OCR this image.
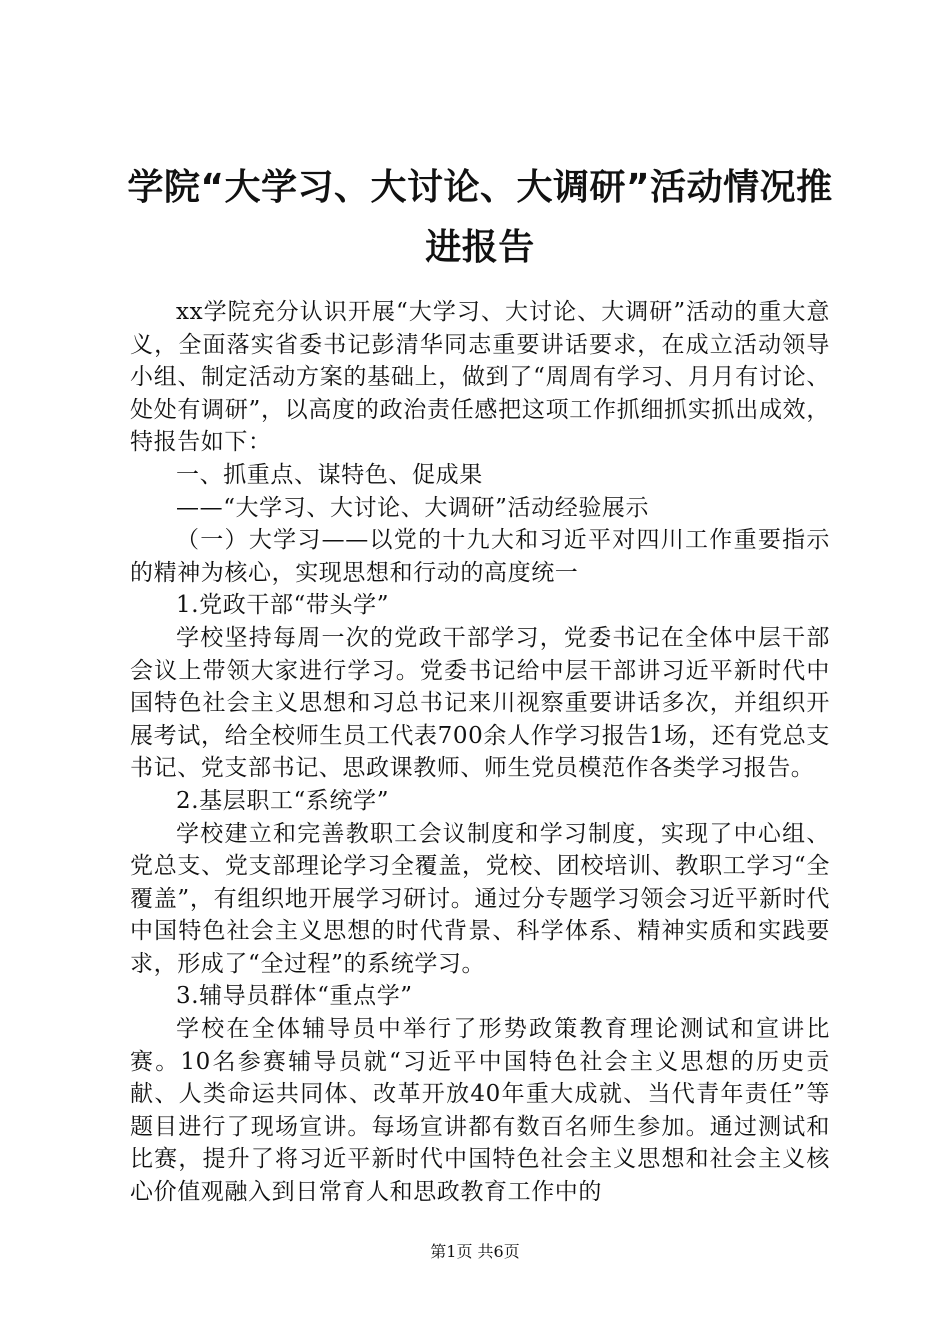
学院“大学习、大讨论、大调研”活动情况推进报告

xx学院充分认识开展“大学习、大讨论、大调研”活动的重大意义，全面落实省委书记彭清华同志重要讲话要求，在成立活动领导小组、制定活动方案的基础上，做到了“周周有学习、月月有讨论、处处有调研”，以高度的政治责任感把这项工作抓细抓实抓出成效，特报告如下：

一、抓重点、谋特色、促成果

——“大学习、大讨论、大调研”活动经验展示

（一）大学习——以党的十九大和习近平对四川工作重要指示的精神为核心，实现思想和行动的高度统一

1.党政干部“带头学”

学校坚持每周一次的党政干部学习，党委书记在全体中层干部会议上带领大家进行学习。党委书记给中层干部讲习近平新时代中国特色社会主义思想和习总书记来川视察重要讲话多次，并组织开展考试，给全校师生员工代表700余人作学习报告1场，还有党总支书记、党支部书记、思政课教师、师生党员模范作各类学习报告。

2.基层职工“系统学”

学校建立和完善教职工会议制度和学习制度，实现了中心组、党总支、党支部理论学习全覆盖，党校、团校培训、教职工学习“全覆盖”，有组织地开展学习研讨。通过分专题学习领会习近平新时代中国特色社会主义思想的时代背景、科学体系、精神实质和实践要求，形成了“全过程”的系统学习。

3.辅导员群体“重点学”

学校在全体辅导员中举行了形势政策教育理论测试和宣讲比赛。10名参赛辅导员就“习近平中国特色社会主义思想的历史贡献、人类命运共同体、改革开放40年重大成就、当代青年责任”等题目进行了现场宣讲。每场宣讲都有数百名师生参加。通过测试和比赛，提升了将习近平新时代中国特色社会主义思想和社会主义核心价值观融入到日常育人和思政教育工作中的

第1页 共6页
